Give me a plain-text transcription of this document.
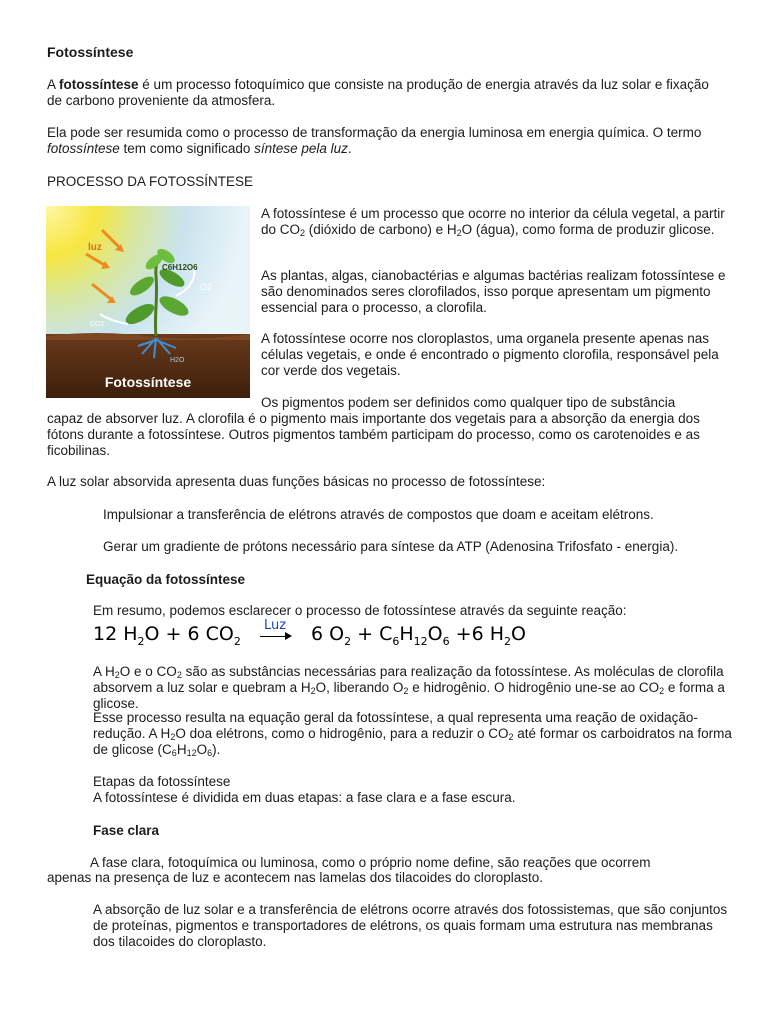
Fotossíntese

A fotossíntese é um processo fotoquímico que consiste na produção de energia através da luz solar e fixação de carbono proveniente da atmosfera.

Ela pode ser resumida como o processo de transformação da energia luminosa em energia química. O termo fotossíntese tem como significado síntese pela luz.

PROCESSO DA FOTOSSÍNTESE

luz
C6H12O6
O2
CO2
H2O
Fotossíntese

A fotossíntese é um processo que ocorre no interior da célula vegetal, a partir do $CO_2$ (dióxido de carbono) e $H_2O$ (água), como forma de produzir glicose.

As plantas, algas, cianobactérias e algumas bactérias realizam fotossíntese e são denominados seres clorofilados, isso porque apresentam um pigmento essencial para o processo, a clorofila.

A fotossíntese ocorre nos cloroplastos, uma organela presente apenas nas células vegetais, e onde é encontrado o pigmento clorofila, responsável pela cor verde dos vegetais.

Os pigmentos podem ser definidos como qualquer tipo de substância

capaz de absorver luz. A clorofila é o pigmento mais importante dos vegetais para a absorção da energia dos fótons durante a fotossíntese. Outros pigmentos também participam do processo, como os carotenoides e as ficobilinas.

A luz solar absorvida apresenta duas funções básicas no processo de fotossíntese:

Impulsionar a transferência de elétrons através de compostos que doam e aceitam elétrons.

Gerar um gradiente de prótons necessário para síntese da ATP (Adenosina Trifosfato - energia).

Equação da fotossíntese

Em resumo, podemos esclarecer o processo de fotossíntese através da seguinte reação:

12 $H_2O + 6$ $CO_2$
Luz → 6 $O_2 + C_6H_{12}O_6 +6$ $H_2O$

A $H_2O$ e o $CO_2$ são as substâncias necessárias para realização da fotossíntese. As moléculas de clorofila absorvem a luz solar e quebram a $H_2O$, liberando $O_2$ e hidrogênio. O hidrogênio une-se ao $CO_2$ e forma a glicose.

Esse processo resulta na equação geral da fotossíntese, a qual representa uma reação de oxidação-redução. A $H_2O$ doa elétrons, como o hidrogênio, para a reduzir o $CO_2$ até formar os carboidratos na forma de glicose $(C_6H_{12}O_6)$.

Etapas da fotossíntese

A fotossíntese é dividida em duas etapas: a fase clara e a fase escura.

Fase clara

A fase clara, fotoquímica ou luminosa, como o próprio nome define, são reações que ocorrem

apenas na presença de luz e acontecem nas lamelas dos tilacoides do cloroplasto.

A absorção de luz solar e a transferência de elétrons ocorre através dos fotossistemas, que são conjuntos de proteínas, pigmentos e transportadores de elétrons, os quais formam uma estrutura nas membranas dos tilacoides do cloroplasto.
